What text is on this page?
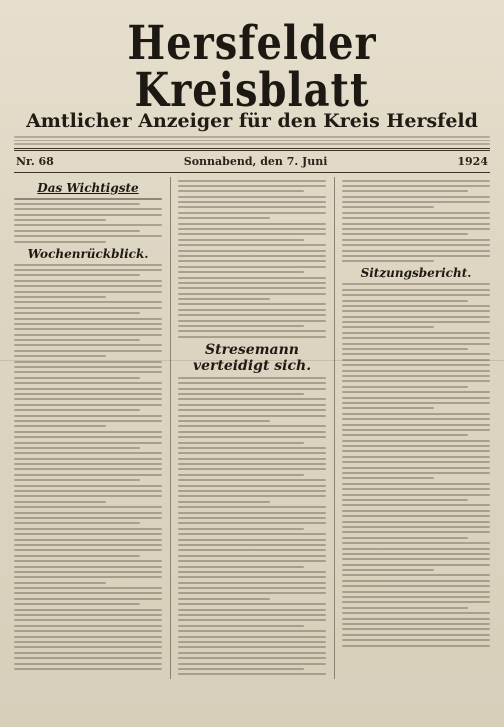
Hersfelder Kreisblatt
Amtlicher Anzeiger für den Kreis Hersfeld
Nr. 68	Sonnabend, den 7. Juni	1924
Das Wichtigste
Wochenrückblick.
Stresemann verteidigt sich.
Sitzungsbericht.
